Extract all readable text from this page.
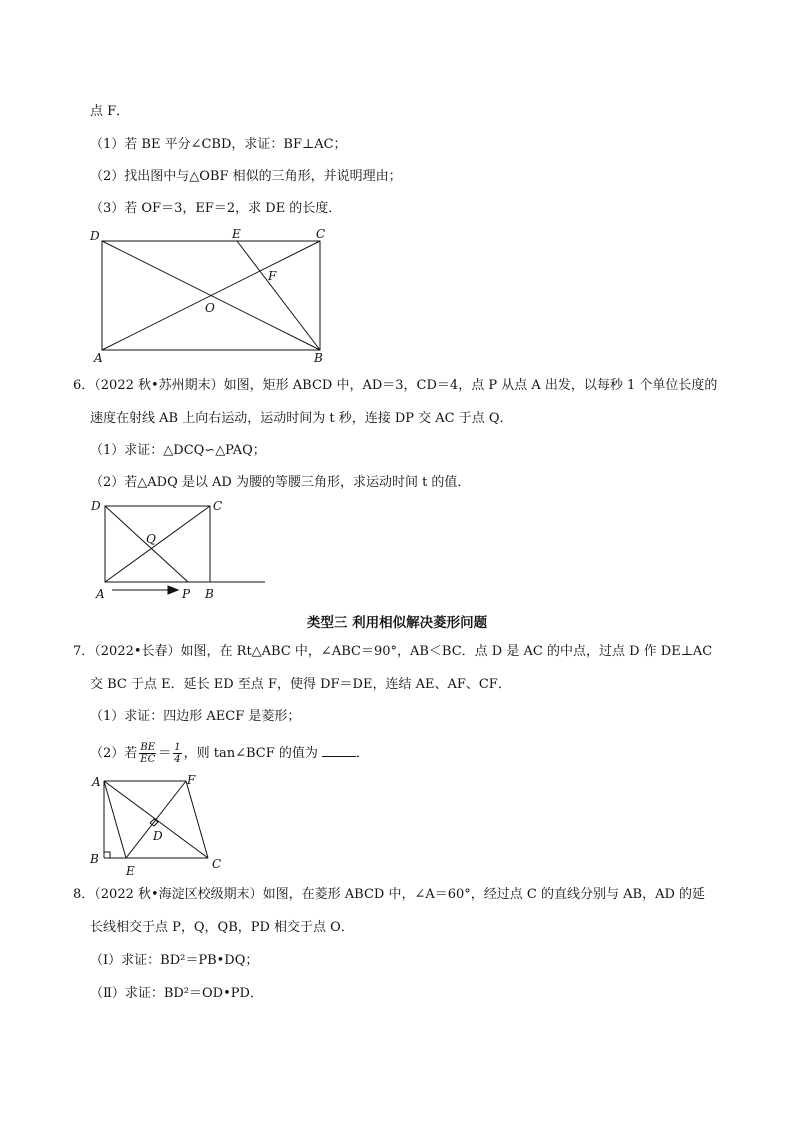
点 F．
（1）若 BE 平分∠CBD，求证：BF⊥AC；
（2）找出图中与△OBF 相似的三角形，并说明理由；
（3）若 OF＝3，EF＝2，求 DE 的长度．
D	E	C
F
O
A	B
6．（2022 秋•苏州期末）如图，矩形 ABCD 中，AD＝3，CD＝4，点 P 从点 A 出发，以每秒 1 个单位长度的
速度在射线 AB 上向右运动，运动时间为 t 秒，连接 DP 交 AC 于点 Q．
（1）求证：△DCQ∽△PAQ；
（2）若△ADQ 是以 AD 为腰的等腰三角形，求运动时间 t 的值．
D	C
Q
A	P B
类型三 利用相似解决菱形问题
7．（2022•长春）如图，在 Rt△ABC 中，∠ABC＝90°，AB＜BC．点 D 是 AC 的中点，过点 D 作 DE⊥AC
交 BC 于点 E．延长 ED 至点 F，使得 DF＝DE，连结 AE、AF、CF．
（1）求证：四边形 AECF 是菱形；
（2）若 $\frac{BE}{EC} = \frac{1}{4}$ ，则 tan∠BCF 的值为	．
A	F
D
B
E	C
8．（2022 秋•海淀区校级期末）如图，在菱形 ABCD 中，∠A＝60°，经过点 C 的直线分别与 AB，AD 的延
长线相交于点 P，Q，QB，PD 相交于点 O．
（Ⅰ）求证：BD²＝PB•DQ；
（Ⅱ）求证：BD²＝OD•PD．
